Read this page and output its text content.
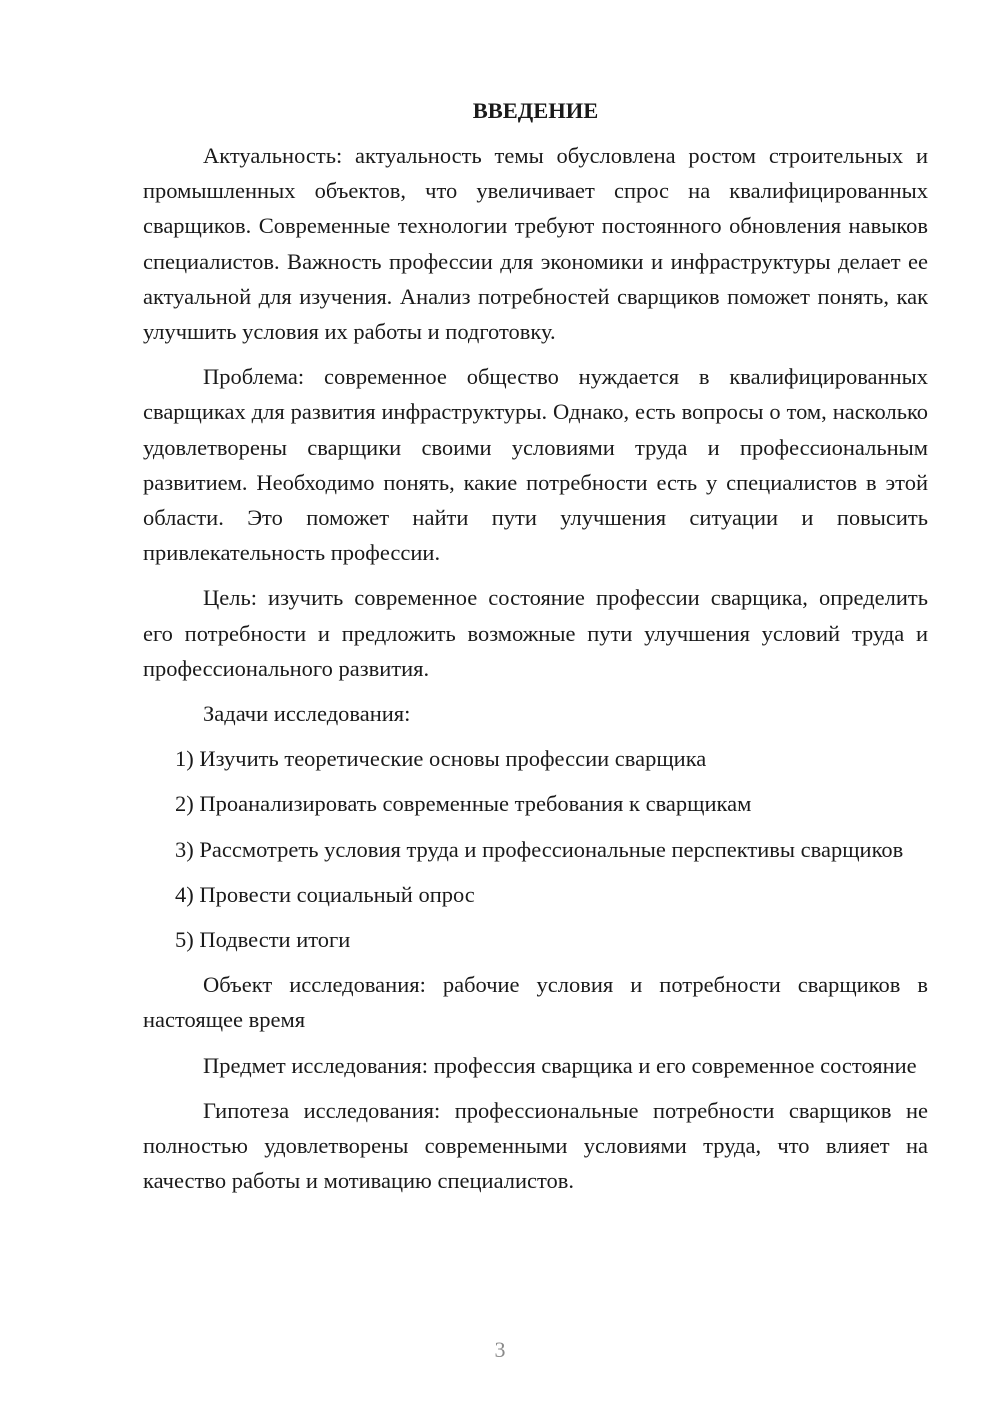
ВВЕДЕНИЕ

Актуальность: актуальность темы обусловлена ростом строительных и промышленных объектов, что увеличивает спрос на квалифицированных сварщиков. Современные технологии требуют постоянного обновления навыков специалистов. Важность профессии для экономики и инфраструктуры делает ее актуальной для изучения. Анализ потребностей сварщиков поможет понять, как улучшить условия их работы и подготовку.

Проблема: современное общество нуждается в квалифицированных сварщиках для развития инфраструктуры. Однако, есть вопросы о том, насколько удовлетворены сварщики своими условиями труда и профессиональным развитием. Необходимо понять, какие потребности есть у специалистов в этой области. Это поможет найти пути улучшения ситуации и повысить привлекательность профессии.

Цель: изучить современное состояние профессии сварщика, определить его потребности и предложить возможные пути улучшения условий труда и профессионального развития.

Задачи исследования:

1) Изучить теоретические основы профессии сварщика

2) Проанализировать современные требования к сварщикам

3) Рассмотреть условия труда и профессиональные перспективы сварщиков

4) Провести социальный опрос

5) Подвести итоги

Объект исследования: рабочие условия и потребности сварщиков в настоящее время

Предмет исследования: профессия сварщика и его современное состояние

Гипотеза исследования: профессиональные потребности сварщиков не полностью удовлетворены современными условиями труда, что влияет на качество работы и мотивацию специалистов.

3
